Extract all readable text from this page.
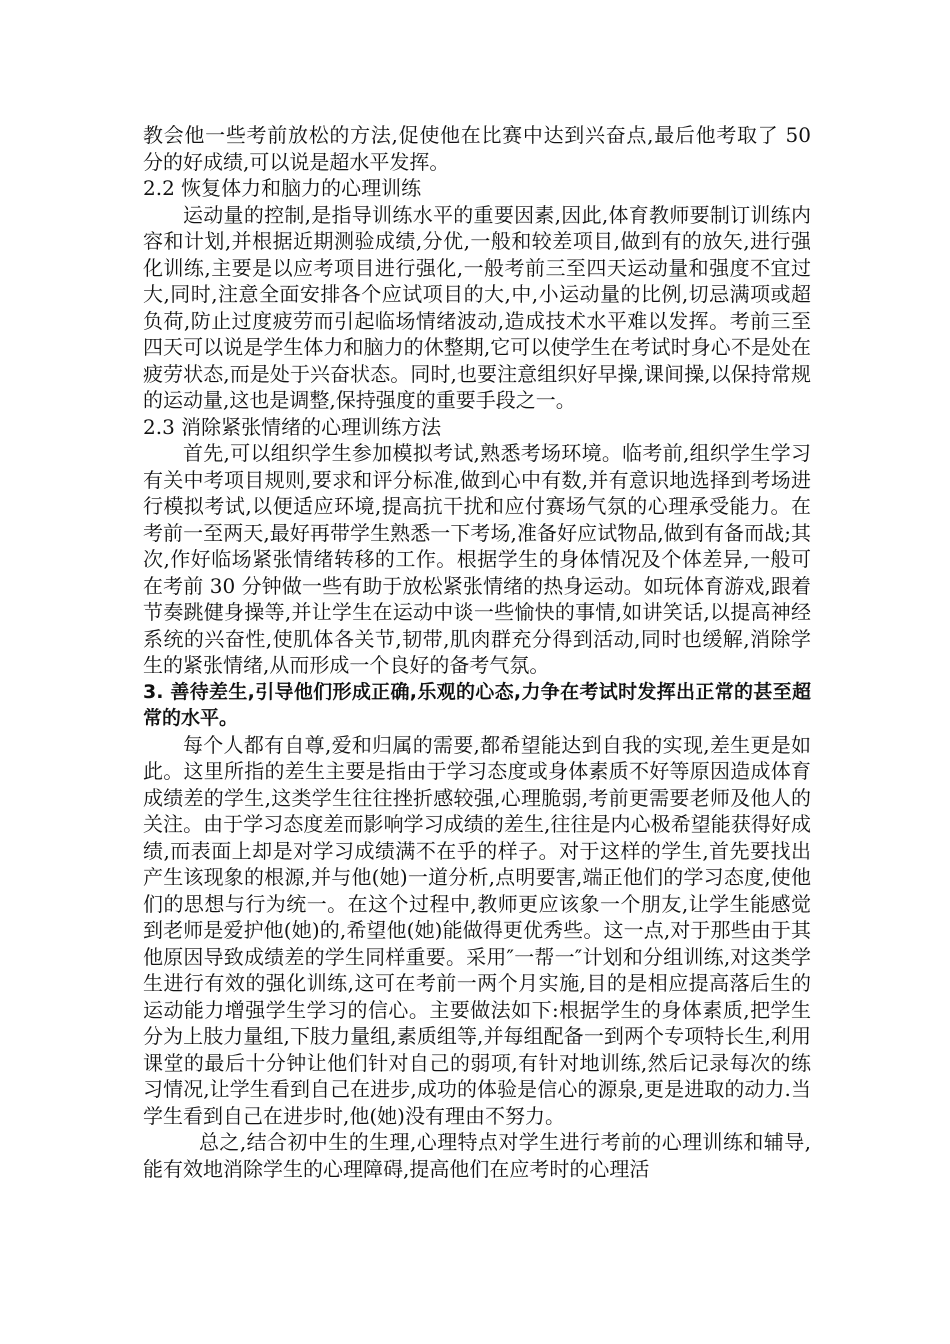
教会他一些考前放松的方法,促使他在比赛中达到兴奋点,最后他考取了 50 分的好成绩,可以说是超水平发挥。

2.2 恢复体力和脑力的心理训练

运动量的控制,是指导训练水平的重要因素,因此,体育教师要制订训练内容和计划,并根据近期测验成绩,分优,一般和较差项目,做到有的放矢,进行强化训练,主要是以应考项目进行强化,一般考前三至四天运动量和强度不宜过大,同时,注意全面安排各个应试项目的大,中,小运动量的比例,切忌满项或超负荷,防止过度疲劳而引起临场情绪波动,造成技术水平难以发挥。考前三至四天可以说是学生体力和脑力的休整期,它可以使学生在考试时身心不是处在疲劳状态,而是处于兴奋状态。同时,也要注意组织好早操,课间操,以保持常规的运动量,这也是调整,保持强度的重要手段之一。

2.3 消除紧张情绪的心理训练方法

首先,可以组织学生参加模拟考试,熟悉考场环境。临考前,组织学生学习有关中考项目规则,要求和评分标准,做到心中有数,并有意识地选择到考场进行模拟考试,以便适应环境,提高抗干扰和应付赛场气氛的心理承受能力。在考前一至两天,最好再带学生熟悉一下考场,准备好应试物品,做到有备而战;其次,作好临场紧张情绪转移的工作。根据学生的身体情况及个体差异,一般可在考前 30 分钟做一些有助于放松紧张情绪的热身运动。如玩体育游戏,跟着节奏跳健身操等,并让学生在运动中谈一些愉快的事情,如讲笑话,以提高神经系统的兴奋性,使肌体各关节,韧带,肌肉群充分得到活动,同时也缓解,消除学生的紧张情绪,从而形成一个良好的备考气氛。

3. 善待差生,引导他们形成正确,乐观的心态,力争在考试时发挥出正常的甚至超常的水平。

每个人都有自尊,爱和归属的需要,都希望能达到自我的实现,差生更是如此。这里所指的差生主要是指由于学习态度或身体素质不好等原因造成体育成绩差的学生,这类学生往往挫折感较强,心理脆弱,考前更需要老师及他人的关注。由于学习态度差而影响学习成绩的差生,往往是内心极希望能获得好成绩,而表面上却是对学习成绩满不在乎的样子。对于这样的学生,首先要找出产生该现象的根源,并与他(她)一道分析,点明要害,端正他们的学习态度,使他们的思想与行为统一。在这个过程中,教师更应该象一个朋友,让学生能感觉到老师是爱护他(她)的,希望他(她)能做得更优秀些。这一点,对于那些由于其他原因导致成绩差的学生同样重要。采用″一帮一″计划和分组训练,对这类学生进行有效的强化训练,这可在考前一两个月实施,目的是相应提高落后生的运动能力增强学生学习的信心。主要做法如下:根据学生的身体素质,把学生分为上肢力量组,下肢力量组,素质组等,并每组配备一到两个专项特长生,利用课堂的最后十分钟让他们针对自己的弱项,有针对地训练,然后记录每次的练习情况,让学生看到自己在进步,成功的体验是信心的源泉,更是进取的动力.当学生看到自己在进步时,他(她)没有理由不努力。

总之,结合初中生的生理,心理特点对学生进行考前的心理训练和辅导,能有效地消除学生的心理障碍,提高他们在应考时的心理活
